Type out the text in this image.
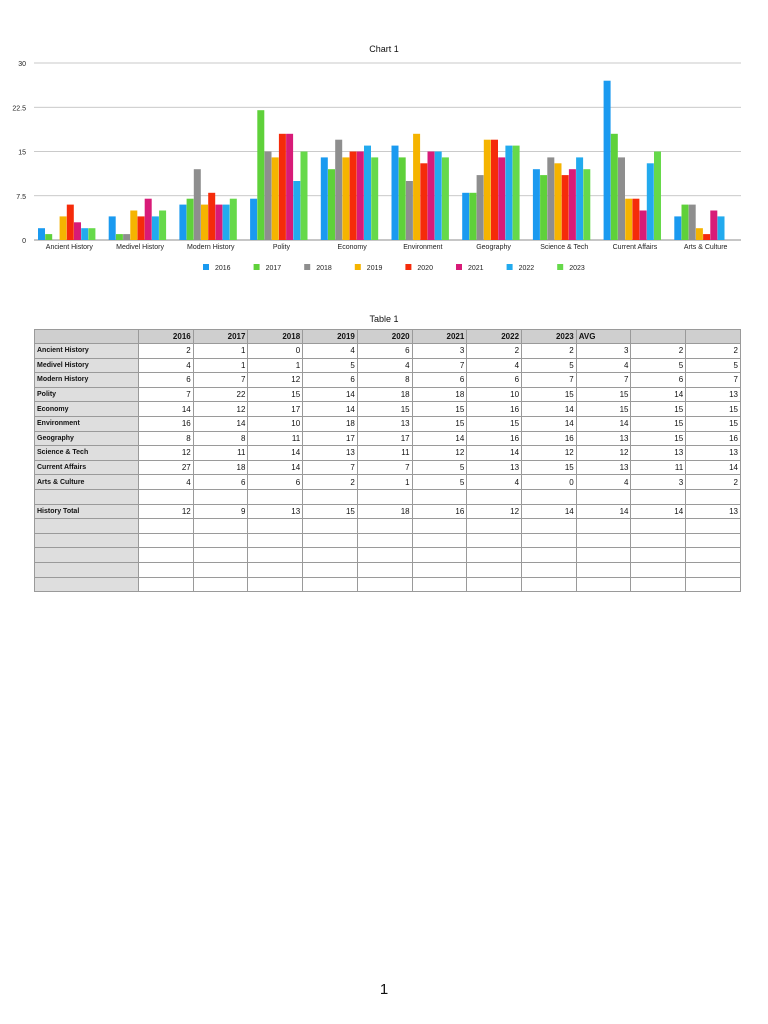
Chart 1
0
7.5
15
22.5
30
Ancient History	Medivel History	Modern History	Polity	Economy	Environment	Geography	Science & Tech	Current Affairs	Arts & Culture
2016	2017	2018	2019	2020	2021	2022	2023
Table 1
	2016	2017	2018	2019	2020	2021	2022	2023	AVG		
Ancient History	2	1	0	4	6	3	2	2	3	2	2
Medivel History	4	1	1	5	4	7	4	5	4	5	5
Modern History	6	7	12	6	8	6	6	7	7	6	7
Polity	7	22	15	14	18	18	10	15	15	14	13
Economy	14	12	17	14	15	15	16	14	15	15	15
Environment	16	14	10	18	13	15	15	14	14	15	15
Geography	8	8	11	17	17	14	16	16	13	15	16
Science & Tech	12	11	14	13	11	12	14	12	12	13	13
Current Affairs	27	18	14	7	7	5	13	15	13	11	14
Arts & Culture	4	6	6	2	1	5	4	0	4	3	2

History Total	12	9	13	15	18	16	12	14	14	14	13

1
